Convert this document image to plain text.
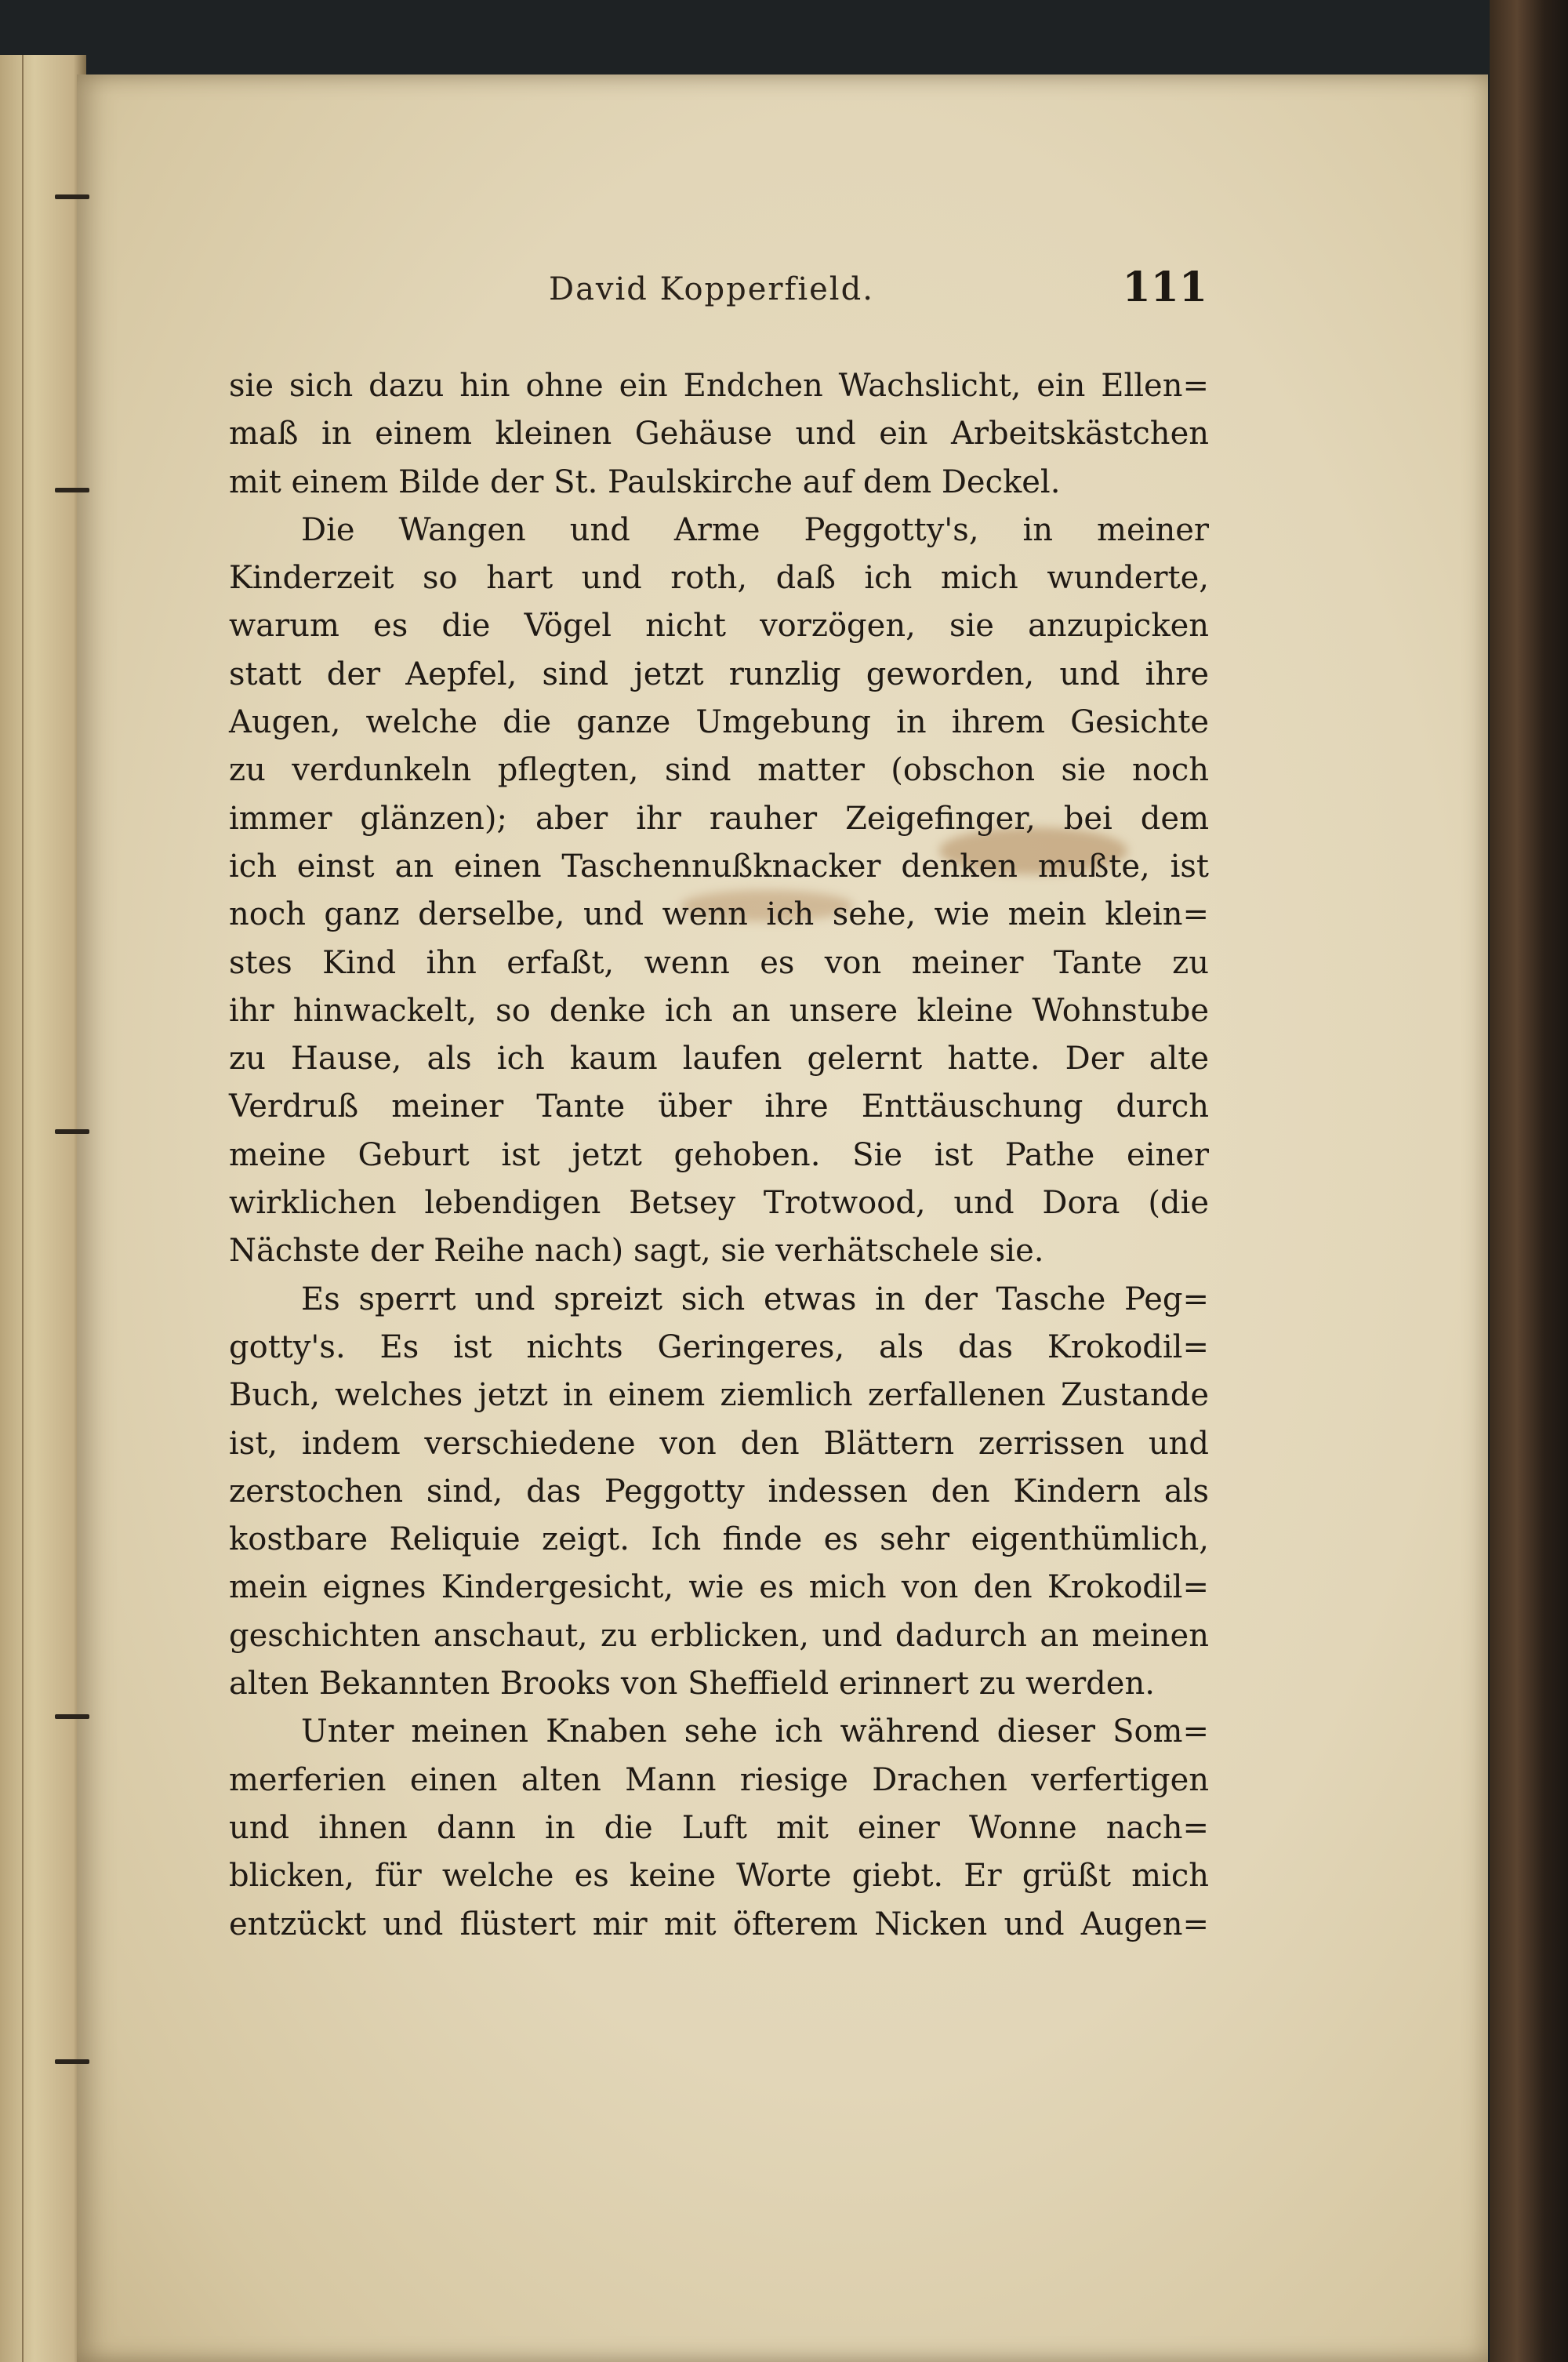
David Kopperfield.	111
sie sich dazu hin ohne ein Endchen Wachslicht, ein Ellen=
maß in einem kleinen Gehäuse und ein Arbeitskästchen
mit einem Bilde der St. Paulskirche auf dem Deckel.
Die Wangen und Arme Peggotty's, in meiner
Kinderzeit so hart und roth, daß ich mich wunderte,
warum es die Vögel nicht vorzögen, sie anzupicken
statt der Aepfel, sind jetzt runzlig geworden, und ihre
Augen, welche die ganze Umgebung in ihrem Gesichte
zu verdunkeln pflegten, sind matter (obschon sie noch
immer glänzen); aber ihr rauher Zeigefinger, bei dem
ich einst an einen Taschennußknacker denken mußte, ist
noch ganz derselbe, und wenn ich sehe, wie mein klein=
stes Kind ihn erfaßt, wenn es von meiner Tante zu
ihr hinwackelt, so denke ich an unsere kleine Wohnstube
zu Hause, als ich kaum laufen gelernt hatte. Der alte
Verdruß meiner Tante über ihre Enttäuschung durch
meine Geburt ist jetzt gehoben. Sie ist Pathe einer
wirklichen lebendigen Betsey Trotwood, und Dora (die
Nächste der Reihe nach) sagt, sie verhätschele sie.
Es sperrt und spreizt sich etwas in der Tasche Peg=
gotty's. Es ist nichts Geringeres, als das Krokodil=
Buch, welches jetzt in einem ziemlich zerfallenen Zustande
ist, indem verschiedene von den Blättern zerrissen und
zerstochen sind, das Peggotty indessen den Kindern als
kostbare Reliquie zeigt. Ich finde es sehr eigenthümlich,
mein eignes Kindergesicht, wie es mich von den Krokodil=
geschichten anschaut, zu erblicken, und dadurch an meinen
alten Bekannten Brooks von Sheffield erinnert zu werden.
Unter meinen Knaben sehe ich während dieser Som=
merferien einen alten Mann riesige Drachen verfertigen
und ihnen dann in die Luft mit einer Wonne nach=
blicken, für welche es keine Worte giebt. Er grüßt mich
entzückt und flüstert mir mit öfterem Nicken und Augen=
